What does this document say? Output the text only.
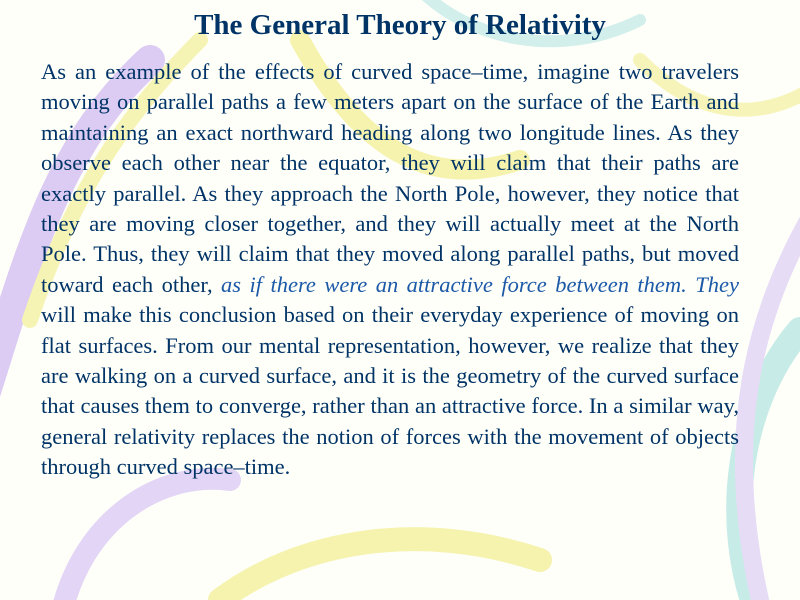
The General Theory of Relativity

As an example of the effects of curved space–time, imagine two travelers moving on parallel paths a few meters apart on the surface of the Earth and maintaining an exact northward heading along two longitude lines. As they observe each other near the equator, they will claim that their paths are exactly parallel. As they approach the North Pole, however, they notice that they are moving closer together, and they will actually meet at the North Pole. Thus, they will claim that they moved along parallel paths, but moved toward each other, as if there were an attractive force between them. They will make this conclusion based on their everyday experience of moving on flat surfaces. From our mental representation, however, we realize that they are walking on a curved surface, and it is the geometry of the curved surface that causes them to converge, rather than an attractive force. In a similar way, general relativity replaces the notion of forces with the movement of objects through curved space–time.
